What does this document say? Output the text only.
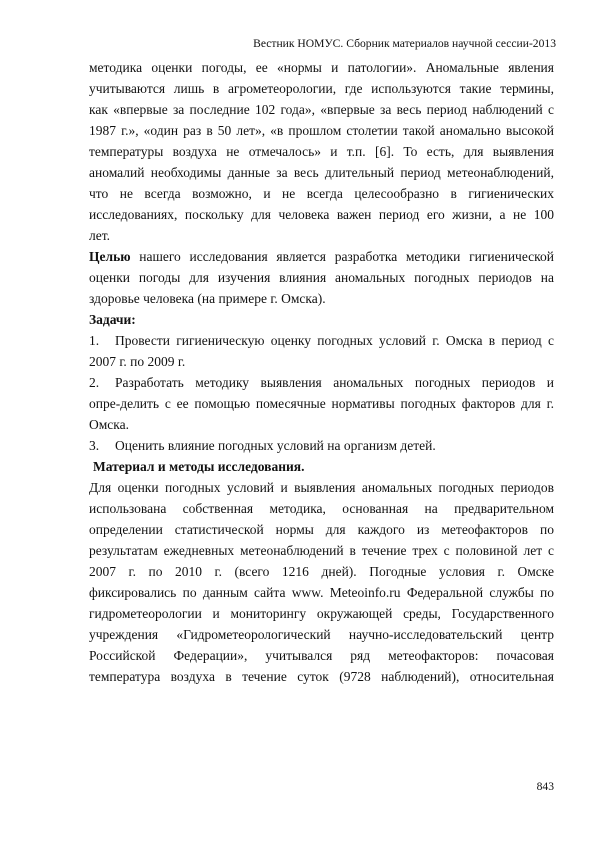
Вестник НОМУС. Сборник материалов научной сессии-2013
методика оценки погоды, ее «нормы и патологии». Аномальные явления
учитываются лишь в агрометеорологии, где используются такие термины,
как «впервые за последние 102 года», «впервые за весь период наблюдений с
1987 г.», «один раз в 50 лет», «в прошлом столетии такой аномально высокой
температуры воздуха не отмечалось» и т.п. [6]. То есть, для выявления
аномалий необходимы данные за весь длительный период метеонаблюдений,
что не всегда возможно, и не всегда целесообразно в гигиенических
исследованиях, поскольку для человека важен период его жизни, а не 100
лет.
Целью нашего исследования является разработка методики гигиенической
оценки погоды для изучения влияния аномальных погодных периодов на
здоровье человека (на примере г. Омска).
Задачи:
1. Провести гигиеническую оценку погодных условий г. Омска в период с
2007 г. по 2009 г.
2. Разработать методику выявления аномальных погодных периодов и
опре-делить с ее помощью помесячные нормативы погодных факторов для г.
Омска.
3. Оценить влияние погодных условий на организм детей.
Материал и методы исследования.
Для оценки погодных условий и выявления аномальных погодных периодов
использована собственная методика, основанная на предварительном
определении статистической нормы для каждого из метеофакторов по
результатам ежедневных метеонаблюдений в течение трех с половиной лет с
2007 г. по 2010 г. (всего 1216 дней). Погодные условия г. Омске
фиксировались по данным сайта www. Meteoinfo.ru Федеральной службы по
гидрометеорологии и мониторингу окружающей среды, Государственного
учреждения «Гидрометеорологический научно-исследовательский центр
Российской Федерации», учитывался ряд метеофакторов: почасовая
температура воздуха в течение суток (9728 наблюдений), относительная
843
